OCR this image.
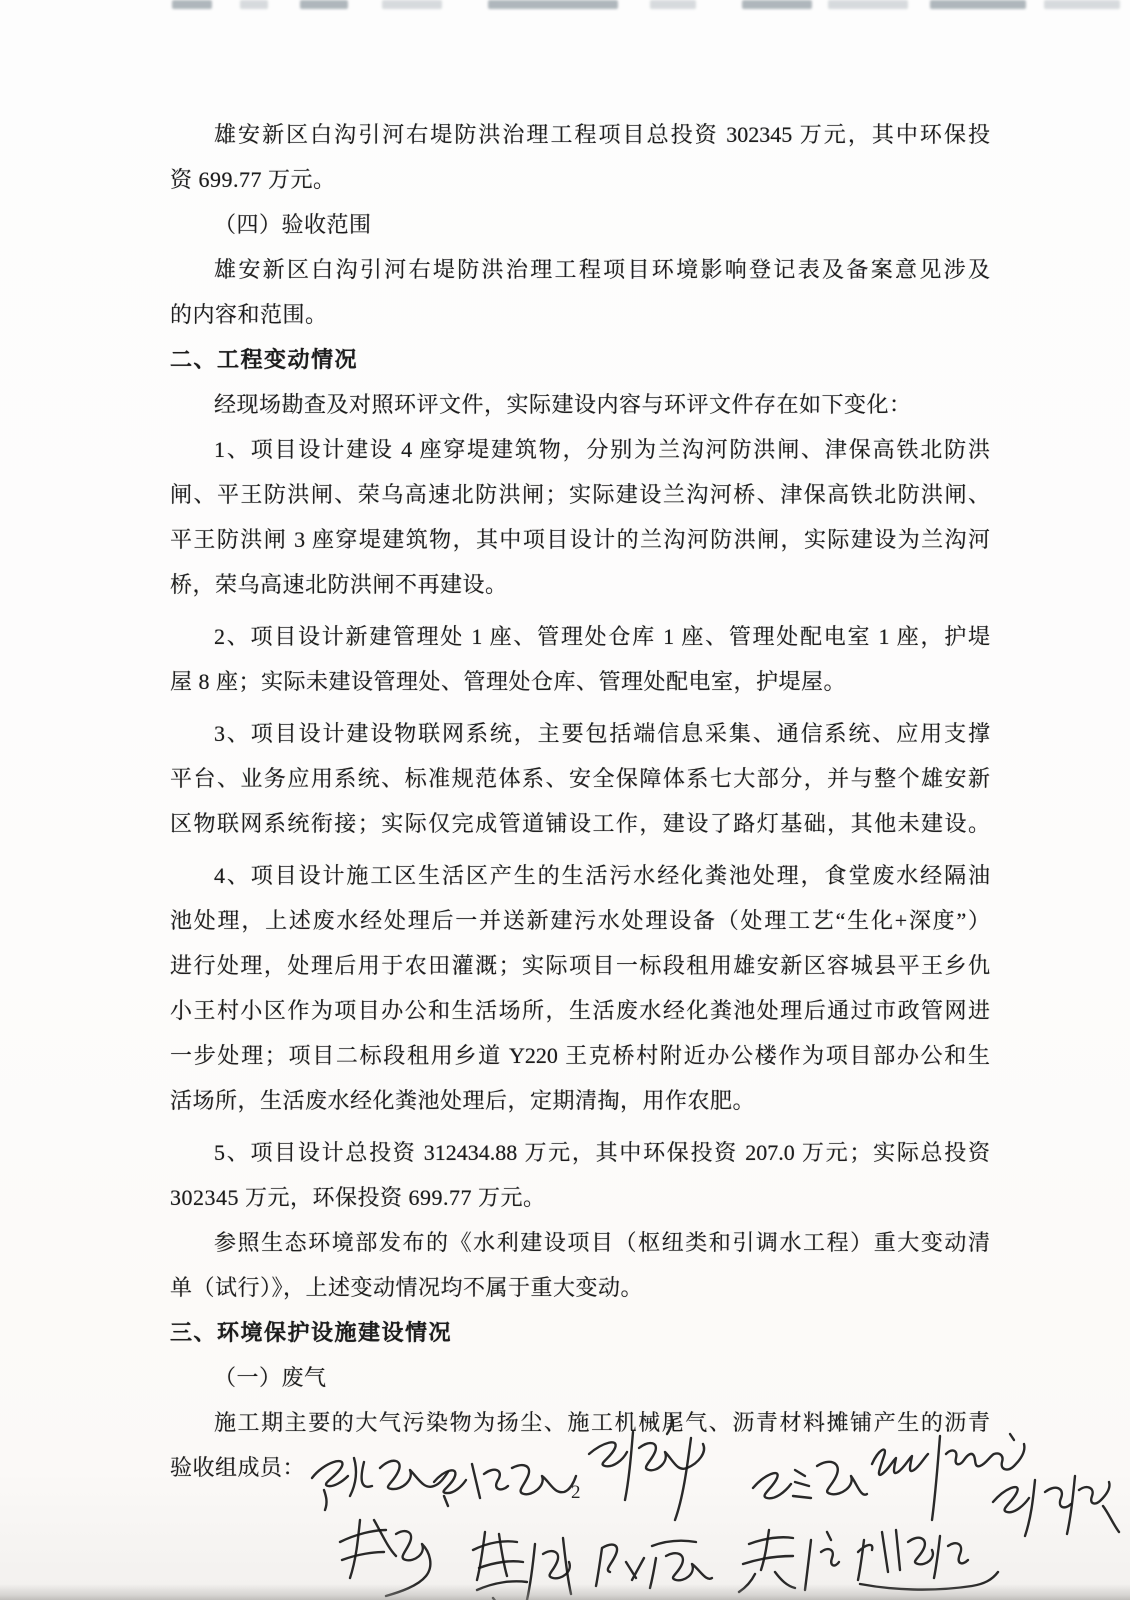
雄安新区白沟引河右堤防洪治理工程项目总投资 302345 万元，其中环保投
资 699.77 万元。
（四）验收范围
雄安新区白沟引河右堤防洪治理工程项目环境影响登记表及备案意见涉及
的内容和范围。
二、工程变动情况
经现场勘查及对照环评文件，实际建设内容与环评文件存在如下变化：
1、项目设计建设 4 座穿堤建筑物，分别为兰沟河防洪闸、津保高铁北防洪
闸、平王防洪闸、荣乌高速北防洪闸；实际建设兰沟河桥、津保高铁北防洪闸、
平王防洪闸 3 座穿堤建筑物，其中项目设计的兰沟河防洪闸，实际建设为兰沟河
桥，荣乌高速北防洪闸不再建设。
2、项目设计新建管理处 1 座、管理处仓库 1 座、管理处配电室 1 座，护堤
屋 8 座；实际未建设管理处、管理处仓库、管理处配电室，护堤屋。
3、项目设计建设物联网系统，主要包括端信息采集、通信系统、应用支撑
平台、业务应用系统、标准规范体系、安全保障体系七大部分，并与整个雄安新
区物联网系统衔接；实际仅完成管道铺设工作，建设了路灯基础，其他未建设。
4、项目设计施工区生活区产生的生活污水经化粪池处理，食堂废水经隔油
池处理，上述废水经处理后一并送新建污水处理设备（处理工艺“生化+深度”）
进行处理，处理后用于农田灌溉；实际项目一标段租用雄安新区容城县平王乡仇
小王村小区作为项目办公和生活场所，生活废水经化粪池处理后通过市政管网进
一步处理；项目二标段租用乡道 Y220 王克桥村附近办公楼作为项目部办公和生
活场所，生活废水经化粪池处理后，定期清掏，用作农肥。
5、项目设计总投资 312434.88 万元，其中环保投资 207.0 万元；实际总投资
302345 万元，环保投资 699.77 万元。
参照生态环境部发布的《水利建设项目（枢纽类和引调水工程）重大变动清
单（试行）》，上述变动情况均不属于重大变动。
三、环境保护设施建设情况
（一）废气
施工期主要的大气污染物为扬尘、施工机械尾气、沥青材料摊铺产生的沥青
验收组成员：
2
